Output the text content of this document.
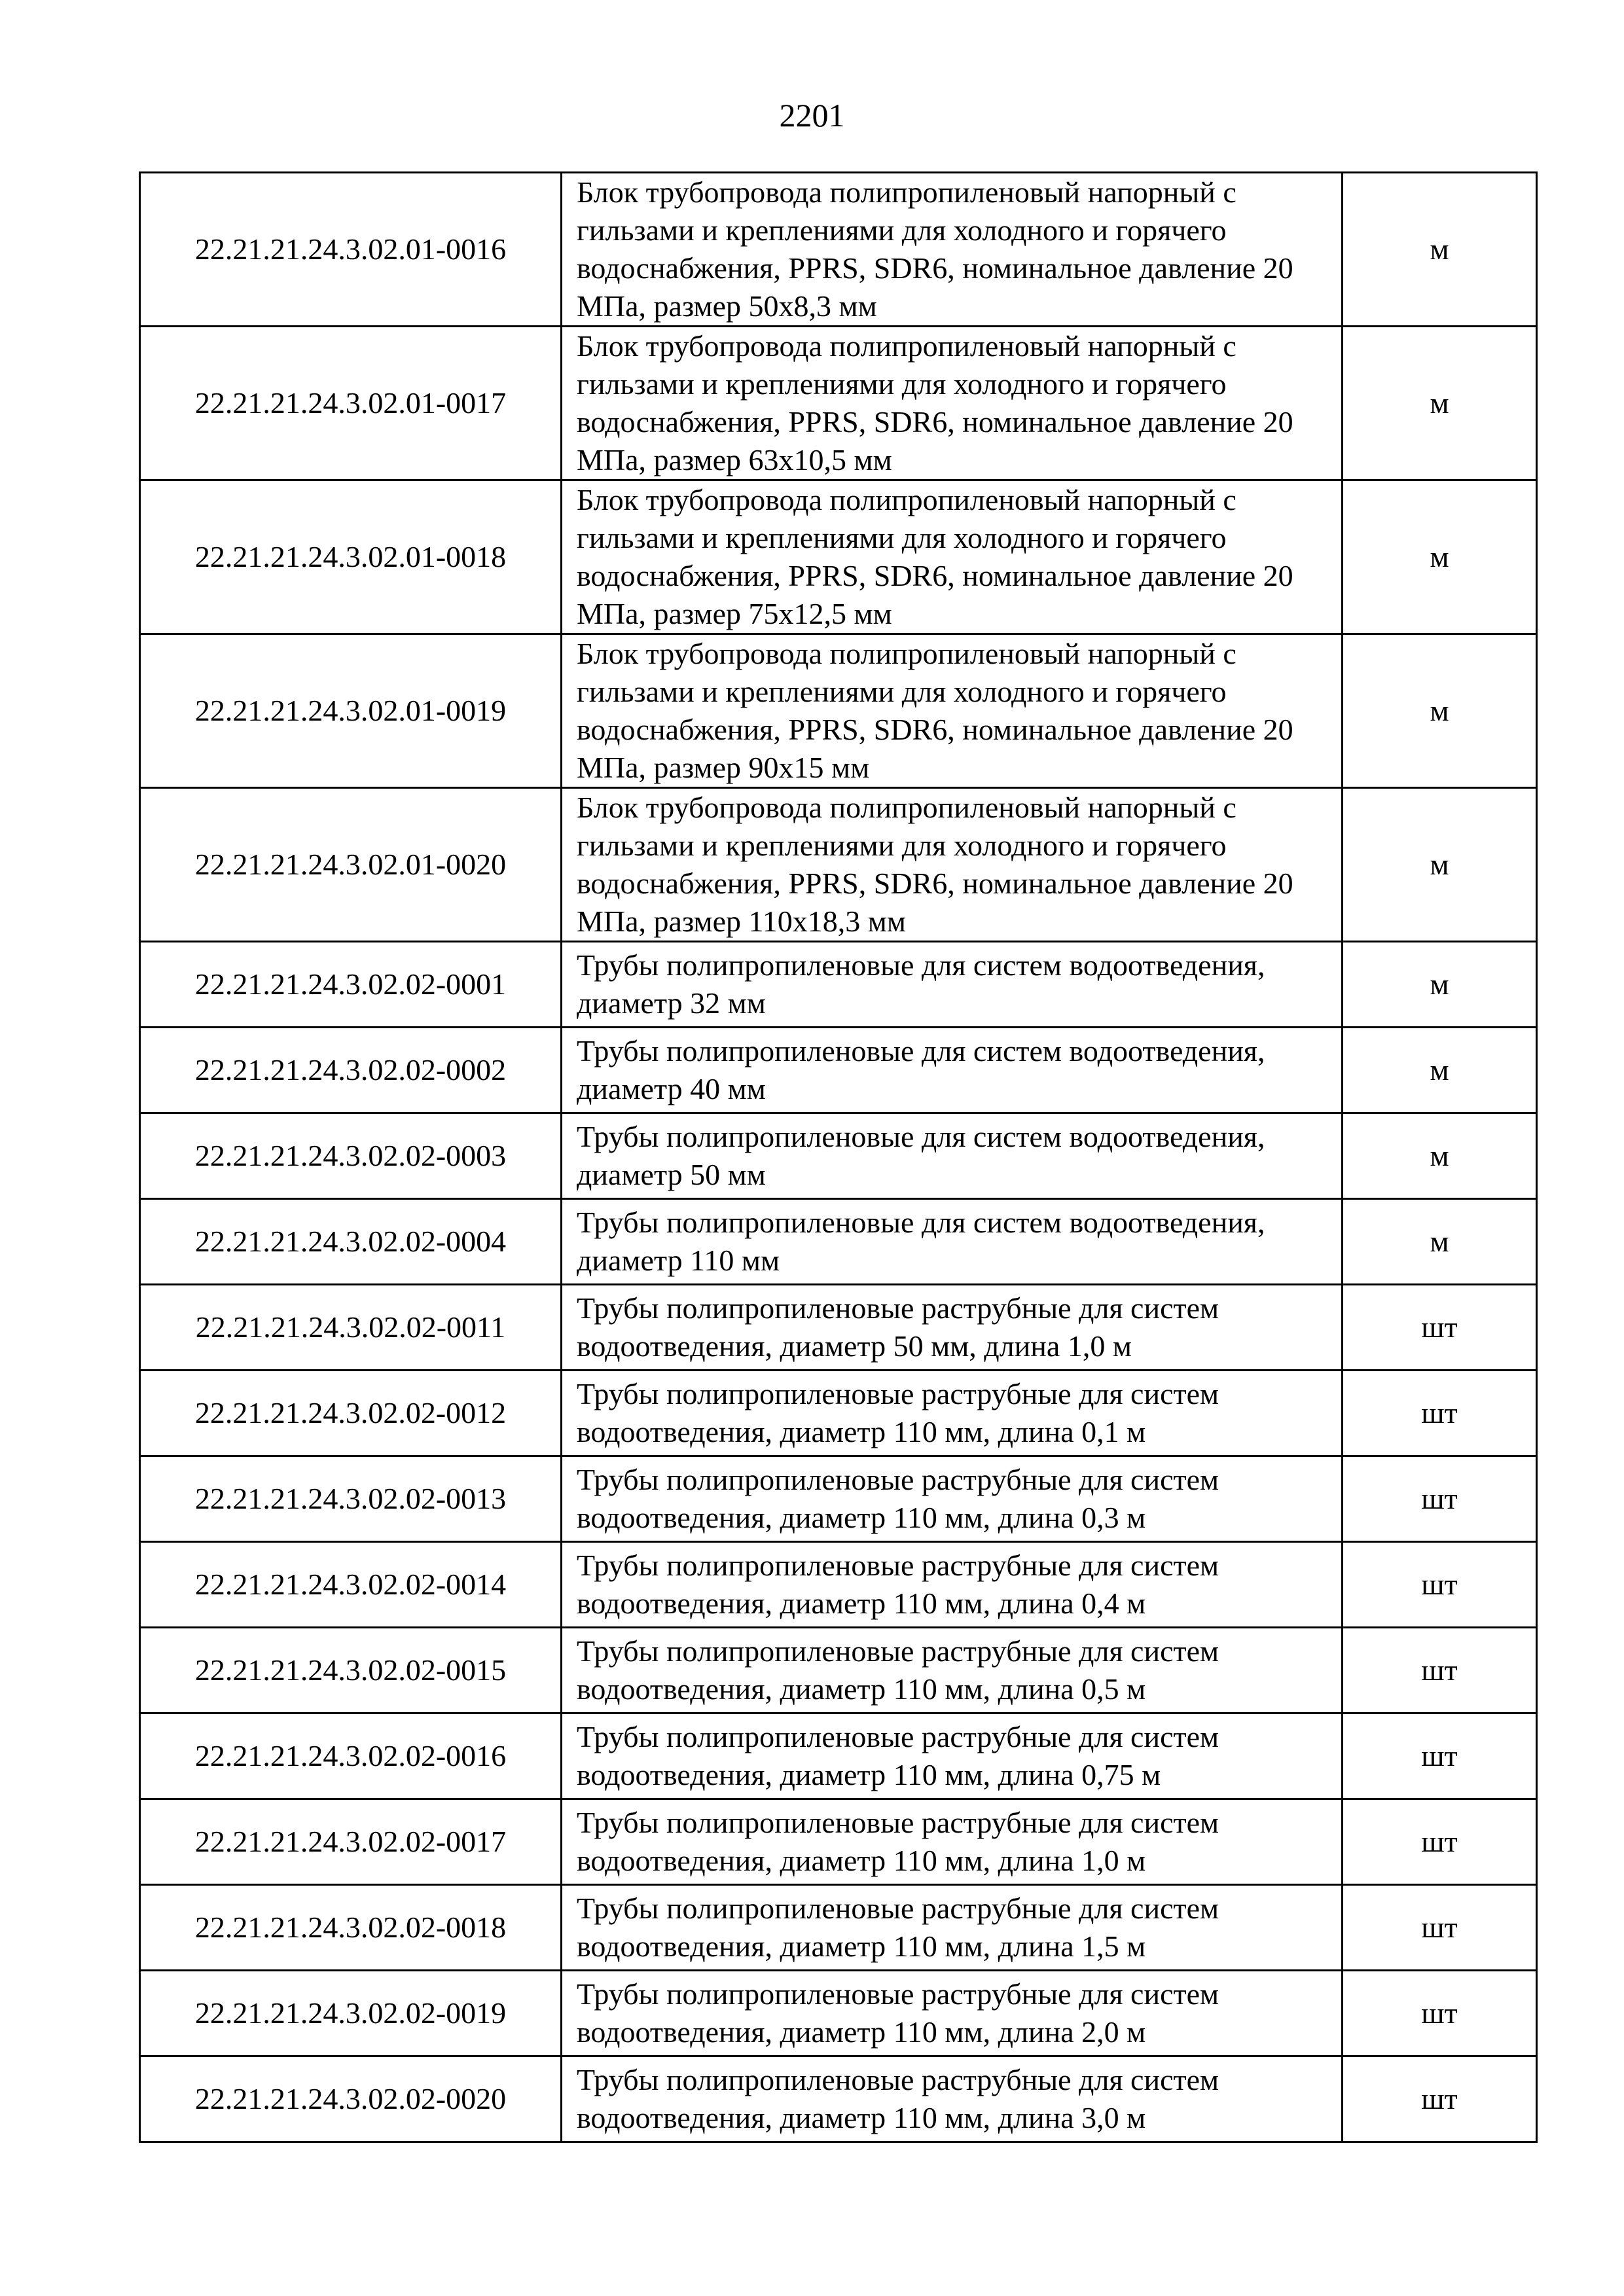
2201
22.21.21.24.3.02.01-0016	Блок трубопровода полипропиленовый напорный с гильзами и креплениями для холодного и горячего водоснабжения, PPRS, SDR6, номинальное давление 20 МПа, размер 50х8,3 мм	м
22.21.21.24.3.02.01-0017	Блок трубопровода полипропиленовый напорный с гильзами и креплениями для холодного и горячего водоснабжения, PPRS, SDR6, номинальное давление 20 МПа, размер 63х10,5 мм	м
22.21.21.24.3.02.01-0018	Блок трубопровода полипропиленовый напорный с гильзами и креплениями для холодного и горячего водоснабжения, PPRS, SDR6, номинальное давление 20 МПа, размер 75х12,5 мм	м
22.21.21.24.3.02.01-0019	Блок трубопровода полипропиленовый напорный с гильзами и креплениями для холодного и горячего водоснабжения, PPRS, SDR6, номинальное давление 20 МПа, размер 90х15 мм	м
22.21.21.24.3.02.01-0020	Блок трубопровода полипропиленовый напорный с гильзами и креплениями для холодного и горячего водоснабжения, PPRS, SDR6, номинальное давление 20 МПа, размер 110х18,3 мм	м
22.21.21.24.3.02.02-0001	Трубы полипропиленовые для систем водоотведения, диаметр 32 мм	м
22.21.21.24.3.02.02-0002	Трубы полипропиленовые для систем водоотведения, диаметр 40 мм	м
22.21.21.24.3.02.02-0003	Трубы полипропиленовые для систем водоотведения, диаметр 50 мм	м
22.21.21.24.3.02.02-0004	Трубы полипропиленовые для систем водоотведения, диаметр 110 мм	м
22.21.21.24.3.02.02-0011	Трубы полипропиленовые раструбные для систем водоотведения, диаметр 50 мм, длина 1,0 м	шт
22.21.21.24.3.02.02-0012	Трубы полипропиленовые раструбные для систем водоотведения, диаметр 110 мм, длина 0,1 м	шт
22.21.21.24.3.02.02-0013	Трубы полипропиленовые раструбные для систем водоотведения, диаметр 110 мм, длина 0,3 м	шт
22.21.21.24.3.02.02-0014	Трубы полипропиленовые раструбные для систем водоотведения, диаметр 110 мм, длина 0,4 м	шт
22.21.21.24.3.02.02-0015	Трубы полипропиленовые раструбные для систем водоотведения, диаметр 110 мм, длина 0,5 м	шт
22.21.21.24.3.02.02-0016	Трубы полипропиленовые раструбные для систем водоотведения, диаметр 110 мм, длина 0,75 м	шт
22.21.21.24.3.02.02-0017	Трубы полипропиленовые раструбные для систем водоотведения, диаметр 110 мм, длина 1,0 м	шт
22.21.21.24.3.02.02-0018	Трубы полипропиленовые раструбные для систем водоотведения, диаметр 110 мм, длина 1,5 м	шт
22.21.21.24.3.02.02-0019	Трубы полипропиленовые раструбные для систем водоотведения, диаметр 110 мм, длина 2,0 м	шт
22.21.21.24.3.02.02-0020	Трубы полипропиленовые раструбные для систем водоотведения, диаметр 110 мм, длина 3,0 м	шт
